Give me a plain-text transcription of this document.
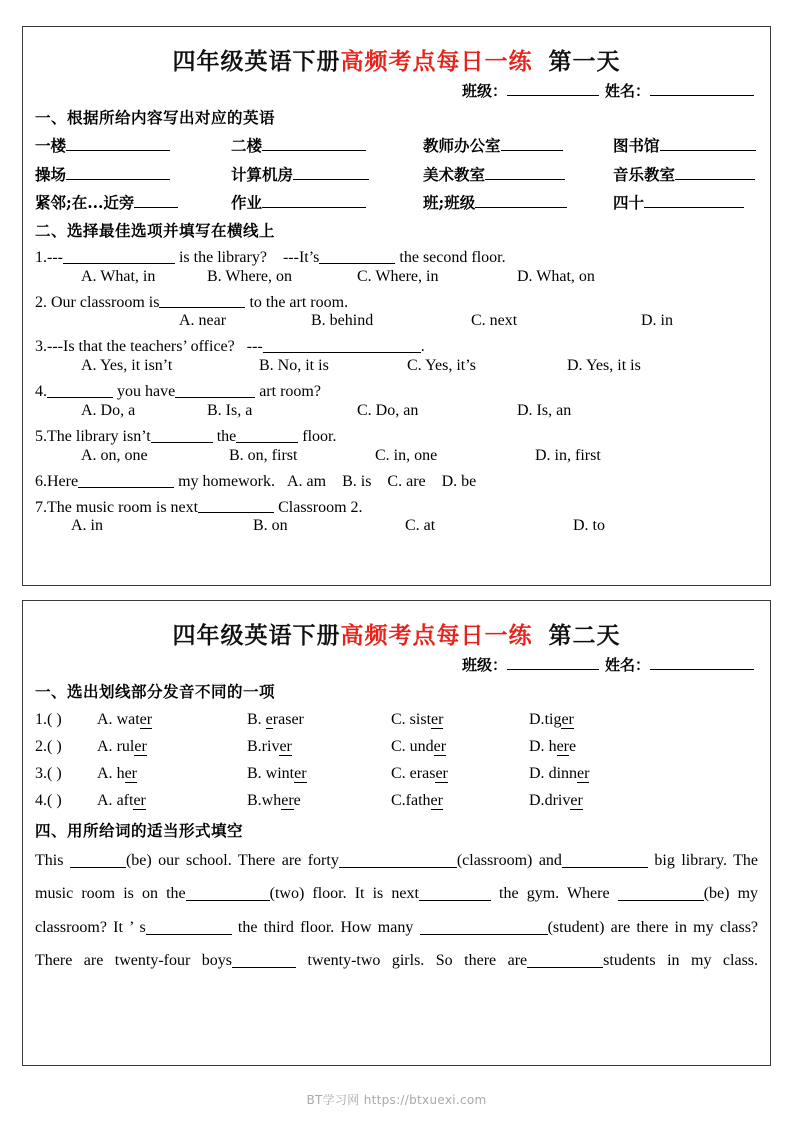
四年级英语下册高频考点每日一练 第一天
班级：	姓名：
一、根据所给内容写出对应的英语
一楼	二楼	教师办公室	图书馆
操场	计算机房	美术教室	音乐教室
紧邻;在...近旁	作业	班;班级	四十
二、选择最佳选项并填写在横线上
1.---	is the library? ---It’s	the second floor.
A. What, in	B. Where, on	C. Where, in	D. What, on
2. Our classroom is	to the art room.
A. near	B. behind	C. next	D. in
3.---Is that the teachers’ office? ---	.
A. Yes, it isn’t	B. No, it is	C. Yes, it’s	D. Yes, it is
4.	you have	art room?
A. Do, a	B. Is, a	C. Do, an	D. Is, an
5.The library isn’t	the	floor.
A. on, one	B. on, first	C. in, one	D. in, first
6.Here	my homework. A. am B. is C. are D. be
7.The music room is next	Classroom 2.
A. in	B. on	C. at	D. to
四年级英语下册高频考点每日一练 第二天
班级：	姓名：
一、选出划线部分发音不同的一项
1.( )	A. water	B. eraser	C. sister	D.tiger
2.( )	A. ruler	B.river	C. under	D. here
3.( )	A. her	B. winter	C. eraser	D. dinner
4.( )	A. after	B.where	C.father	D.driver
四、用所给词的适当形式填空
This	(be) our school. There are forty	(classroom) and	big library. The music room is on the	(two) floor. It is next	the gym. Where	(be) my classroom? It ’ s	the third floor. How many	(student) are there in my class? There are twenty-four boys	twenty-two girls. So there are	students in my class.
BT学习网 https://btxuexi.com
